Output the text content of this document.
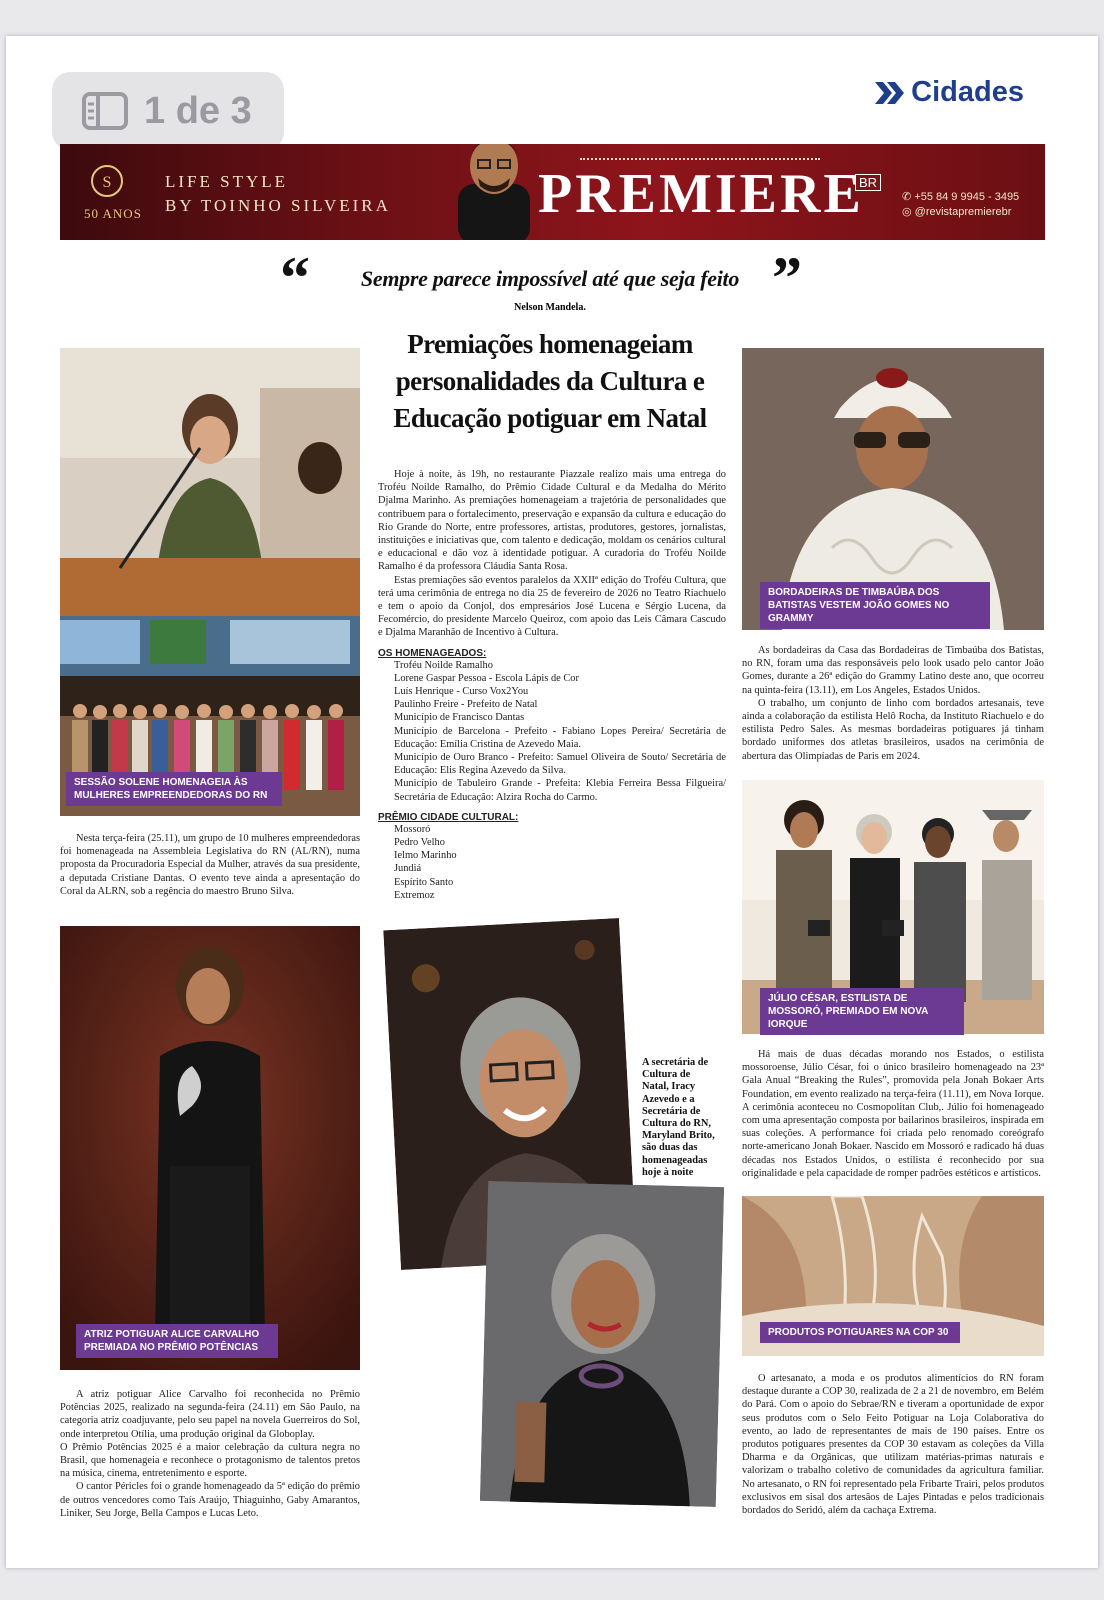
1 de 3	Cidades
S
50 ANOS
LIFE STYLE
BY TOINHO SILVEIRA	PREMIERE
BR
✆ +55 84 9 9945 - 3495
◎ @revistapremierebr
“	Sempre parece impossível até que seja feito ”
Nelson Mandela.
Premiações homenageiam personalidades da Cultura e Educação potiguar em Natal
SESSÃO SOLENE HOMENAGEIA ÀS MULHERES EMPREENDEDORAS DO RN

Nesta terça-feira (25.11), um grupo de 10 mulheres empreendedoras foi homenageada na Assembleia Legislativa do RN (AL/RN), numa proposta da Procuradoria Especial da Mulher, através da sua presidente, a deputada Cristiane Dantas. O evento teve ainda a apresentação do Coral da ALRN, sob a regência do maestro Bruno Silva.

ATRIZ POTIGUAR ALICE CARVALHO PREMIADA NO PRÊMIO POTÊNCIAS

A atriz potiguar Alice Carvalho foi reconhecida no Prêmio Potências 2025, realizado na segunda-feira (24.11) em São Paulo, na categoria atriz coadjuvante, pelo seu papel na novela Guerreiros do Sol, onde interpretou Otília, uma produção original da Globoplay.

O Prêmio Potências 2025 é a maior celebração da cultura negra no Brasil, que homenageia e reconhece o protagonismo de talentos pretos na música, cinema, entretenimento e esporte.

O cantor Péricles foi o grande homenageado da 5ª edição do prêmio de outros vencedores como Taís Araújo, Thiaguinho, Gaby Amarantos, Liniker, Seu Jorge, Bella Campos e Lucas Leto.

Hoje à noite, às 19h, no restaurante Piazzale realizo mais uma entrega do Troféu Noilde Ramalho, do Prêmio Cidade Cultural e da Medalha do Mérito Djalma Marinho. As premiações homenageiam a trajetória de personalidades que contribuem para o fortalecimento, preservação e expansão da cultura e educação do Rio Grande do Norte, entre professores, artistas, produtores, gestores, jornalistas, instituições e iniciativas que, com talento e dedicação, moldam os cenários cultural e educacional e dão voz à identidade potiguar. A curadoria do Troféu Noilde Ramalho é da professora Cláudia Santa Rosa.

Estas premiações são eventos paralelos da XXIIª edição do Troféu Cultura, que terá uma cerimônia de entrega no dia 25 de fevereiro de 2026 no Teatro Riachuelo e tem o apoio da Conjol, dos empresários José Lucena e Sérgio Lucena, da Fecomércio, do presidente Marcelo Queiroz, com apoio das Leis Câmara Cascudo e Djalma Maranhão de Incentivo à Cultura.

OS HOMENAGEADOS:
Troféu Noilde Ramalho
Lorene Gaspar Pessoa - Escola Lápis de Cor
Luís Henrique - Curso Vox2You
Paulinho Freire - Prefeito de Natal
Município de Francisco Dantas
Município de Barcelona - Prefeito - Fabiano Lopes Pereira/ Secretária de Educação: Emília Cristina de Azevedo Maia.
Município de Ouro Branco - Prefeito: Samuel Oliveira de Souto/ Secretária de Educação: Elis Regina Azevedo da Silva.
Município de Tabuleiro Grande - Prefeita: Klebia Ferreira Bessa Filgueira/ Secretária de Educação: Alzira Rocha do Carmo.
PRÊMIO CIDADE CULTURAL:
Mossoró
Pedro Velho
Ielmo Marinho
Jundiá
Espírito Santo
Extremoz
A secretária de Cultura de Natal, Iracy Azevedo e a Secretária de Cultura do RN, Maryland Brito, são duas das homenageadas hoje à noite
BORDADEIRAS DE TIMBAÚBA DOS BATISTAS VESTEM JOÃO GOMES NO GRAMMY

As bordadeiras da Casa das Bordadeiras de Timbaúba dos Batistas, no RN, foram uma das responsáveis pelo look usado pelo cantor João Gomes, durante a 26ª edição do Grammy Latino deste ano, que ocorreu na quinta-feira (13.11), em Los Angeles, Estados Unidos.

O trabalho, um conjunto de linho com bordados artesanais, teve ainda a colaboração da estilista Helô Rocha, da Instituto Riachuelo e do estilista Pedro Sales. As mesmas bordadeiras potiguares já tinham bordado uniformes dos atletas brasileiros, usados na cerimônia de abertura das Olimpíadas de Paris em 2024.

JÚLIO CÉSAR, ESTILISTA DE MOSSORÓ, PREMIADO EM NOVA IORQUE

Há mais de duas décadas morando nos Estados, o estilista mossoroense, Júlio César, foi o único brasileiro homenageado na 23ª Gala Anual “Breaking the Rules”, promovida pela Jonah Bokaer Arts Foundation, em evento realizado na terça-feira (11.11), em Nova Iorque. A cerimônia aconteceu no Cosmopolitan Club,. Júlio foi homenageado com uma apresentação composta por bailarinos brasileiros, inspirada em suas coleções. A performance foi criada pelo renomado coreógrafo norte-americano Jonah Bokaer. Nascido em Mossoró e radicado há duas décadas nos Estados Unidos, o estilista é reconhecido por sua originalidade e pela capacidade de romper padrões estéticos e artísticos.

PRODUTOS POTIGUARES NA COP 30

O artesanato, a moda e os produtos alimentícios do RN foram destaque durante a COP 30, realizada de 2 a 21 de novembro, em Belém do Pará. Com o apoio do Sebrae/RN e tiveram a oportunidade de expor seus produtos com o Selo Feito Potiguar na Loja Colaborativa do evento, ao lado de representantes de mais de 190 países. Entre os produtos potiguares presentes da COP 30 estavam as coleções da Villa Dharma e da Orgânicas, que utilizam matérias-primas naturais e valorizam o trabalho coletivo de comunidades da agricultura familiar. No artesanato, o RN foi representado pela Fribarte Trairi, pelos produtos exclusivos em sisal dos artesãos de Lajes Pintadas e pelos tradicionais bordados do Seridó, além da cachaça Extrema.
